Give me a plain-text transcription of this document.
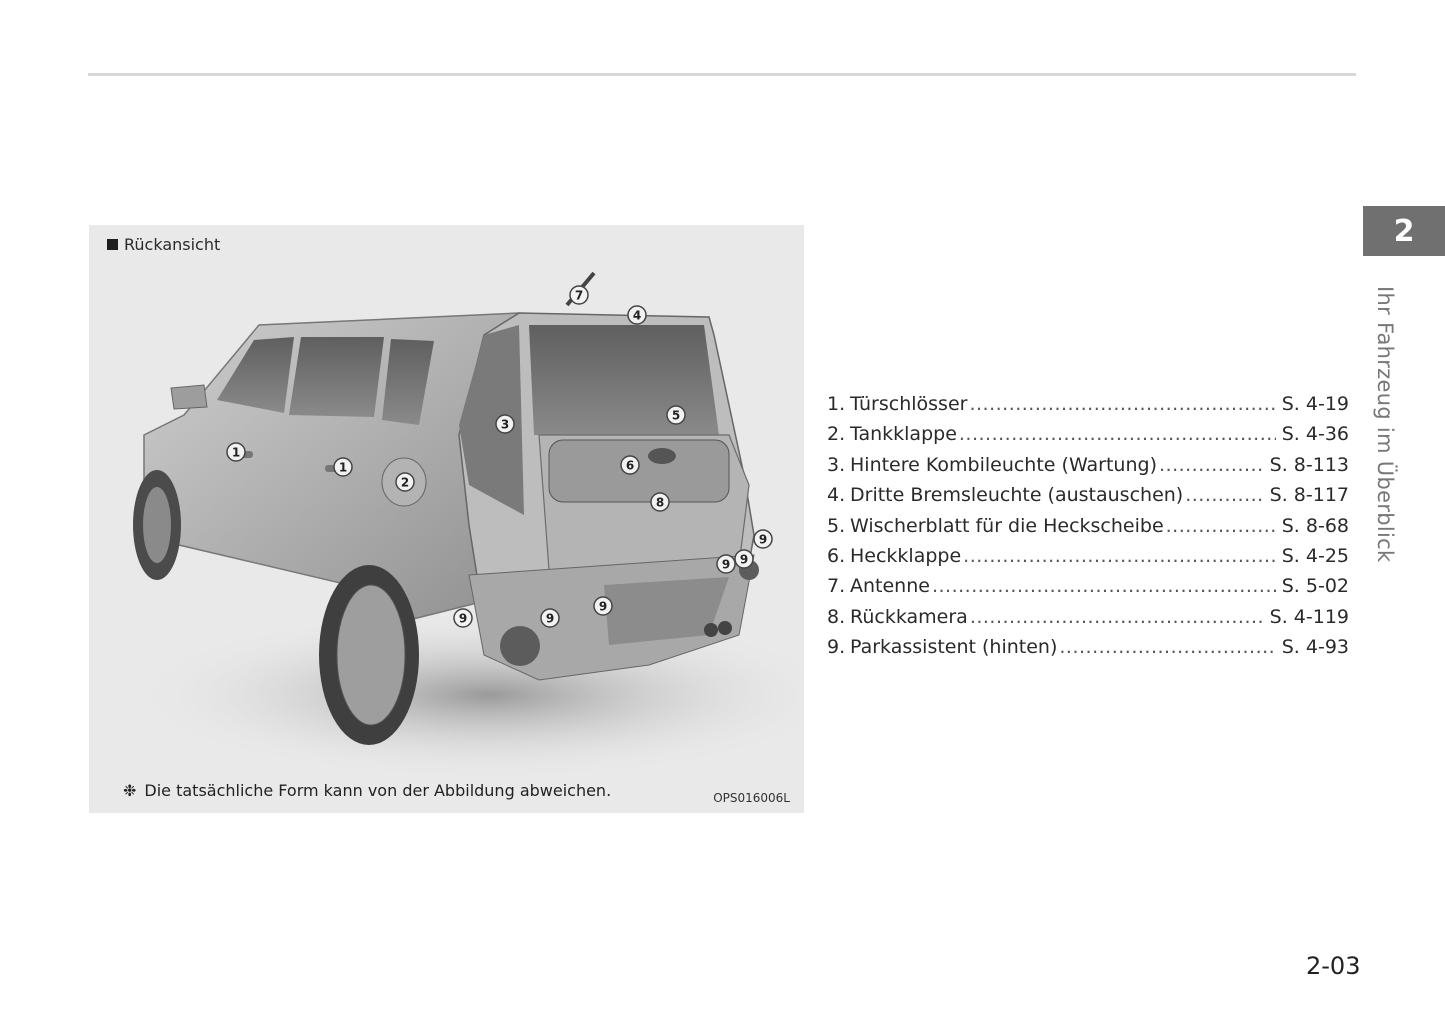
1
1
2
3
4
5
6
7
8
9	9
9
9 9
9
Rückansicht
❉ Die tatsächliche Form kann von der Abbildung abweichen.	OPS016006L
1. Türschlösser .....	S. 4-19
2. Tankklappe .....	S. 4-36
3. Hintere Kombileuchte (Wartung) .....	S. 8-113
4. Dritte Bremsleuchte (austauschen) .....	S. 8-117
5. Wischerblatt für die Heckscheibe .....	S. 8-68
6. Heckklappe .....	S. 4-25
7. Antenne .....	S. 5-02
8. Rückkamera .....	S. 4-119
9. Parkassistent (hinten) .....	S. 4-93
2
Ihr Fahrzeug im Überblick
2-03
